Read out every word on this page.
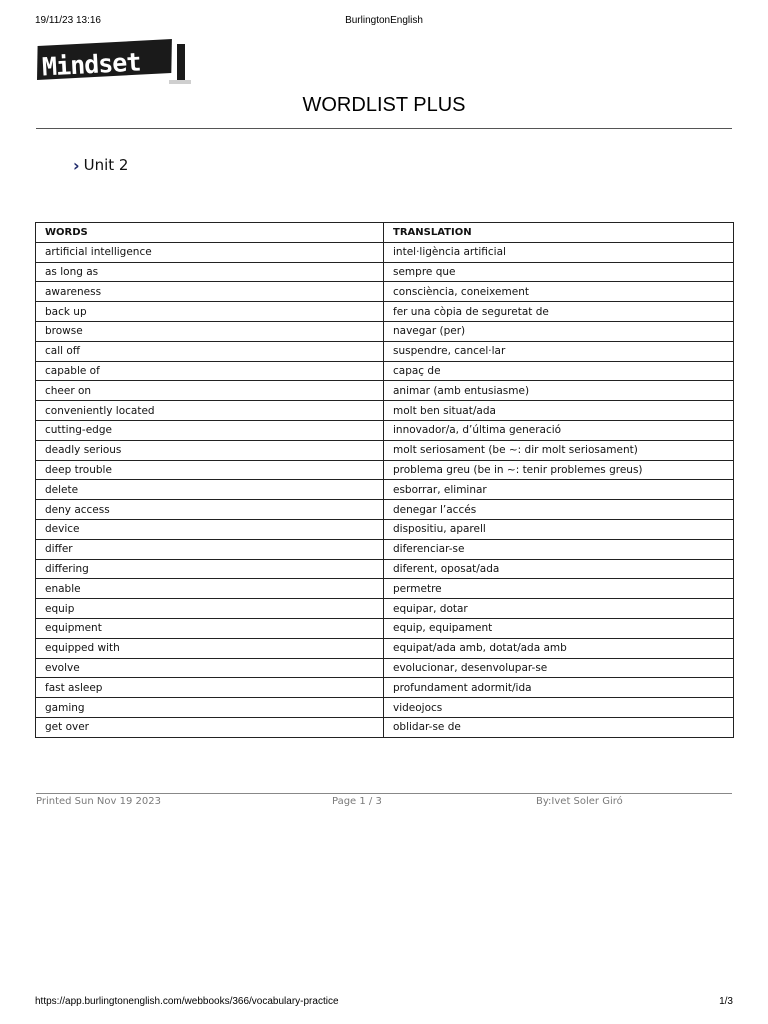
19/11/23 13:16	BurlingtonEnglish
Mindset
WORDLIST PLUS
› Unit 2
WORDS	TRANSLATION
artificial intelligence	intel·ligència artificial
as long as	sempre que
awareness	consciència, coneixement
back up	fer una còpia de seguretat de
browse	navegar (per)
call off	suspendre, cancel·lar
capable of	capaç de
cheer on	animar (amb entusiasme)
conveniently located	molt ben situat/ada
cutting-edge	innovador/a, d’última generació
deadly serious	molt seriosament (be ~: dir molt seriosament)
deep trouble	problema greu (be in ~: tenir problemes greus)
delete	esborrar, eliminar
deny access	denegar l’accés
device	dispositiu, aparell
differ	diferenciar-se
differing	diferent, oposat/ada
enable	permetre
equip	equipar, dotar
equipment	equip, equipament
equipped with	equipat/ada amb, dotat/ada amb
evolve	evolucionar, desenvolupar-se
fast asleep	profundament adormit/ida
gaming	videojocs
get over	oblidar-se de
Printed Sun Nov 19 2023	Page 1 / 3	By:Ivet Soler Giró
https://app.burlingtonenglish.com/webbooks/366/vocabulary-practice	1/3
